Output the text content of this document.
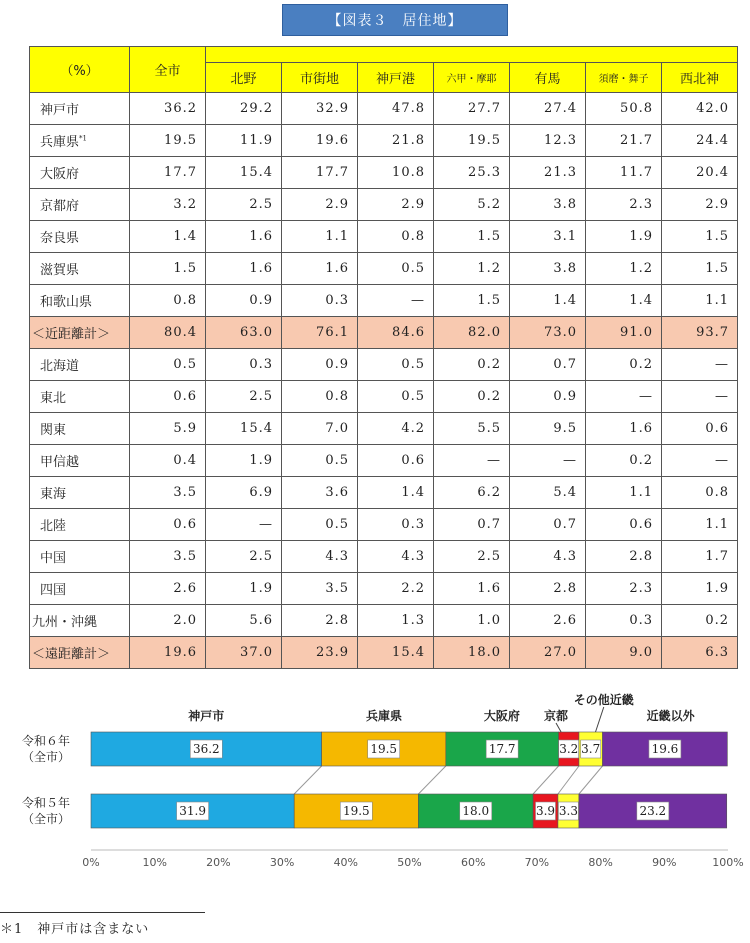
【図表３　居住地】
（%）	全市							
		北野	市街地	神戸港	六甲・摩耶	有馬	須磨・舞子	西北神
神戸市	36.2	29.2	32.9	47.8	27.7	27.4	50.8	42.0
兵庫県$^{*1}$	19.5	11.9	19.6	21.8	19.5	12.3	21.7	24.4
大阪府	17.7	15.4	17.7	10.8	25.3	21.3	11.7	20.4
京都府	3.2	2.5	2.9	2.9	5.2	3.8	2.3	2.9
奈良県	1.4	1.6	1.1	0.8	1.5	3.1	1.9	1.5
滋賀県	1.5	1.6	1.6	0.5	1.2	3.8	1.2	1.5
和歌山県	0.8	0.9	0.3	—	1.5	1.4	1.4	1.1
＜近距離計＞	80.4	63.0	76.1	84.6	82.0	73.0	91.0	93.7
北海道	0.5	0.3	0.9	0.5	0.2	0.7	0.2	—
東北	0.6	2.5	0.8	0.5	0.2	0.9	—	—
関東	5.9	15.4	7.0	4.2	5.5	9.5	1.6	0.6
甲信越	0.4	1.9	0.5	0.6	—	—	0.2	—
東海	3.5	6.9	3.6	1.4	6.2	5.4	1.1	0.8
北陸	0.6	—	0.5	0.3	0.7	0.7	0.6	1.1
中国	3.5	2.5	4.3	4.3	2.5	4.3	2.8	1.7
四国	2.6	1.9	3.5	2.2	1.6	2.8	2.3	1.9
九州・沖縄	2.0	5.6	2.8	1.3	1.0	2.6	0.3	0.2
＜遠距離計＞	19.6	37.0	23.9	15.4	18.0	27.0	9.0	6.3
36.2	19.5	17.7	3.2 3.7	19.6
令和６年
（全市）
31.9	19.5	18.0	3.9 3.3	23.2
令和５年
（全市）
神戸市	兵庫県	大阪府 京都
その他近畿
近畿以外
0%	10%	20%	30%	40%	50%	60%	70%	80%	90%	100%
＊1　神戸市は含まない
